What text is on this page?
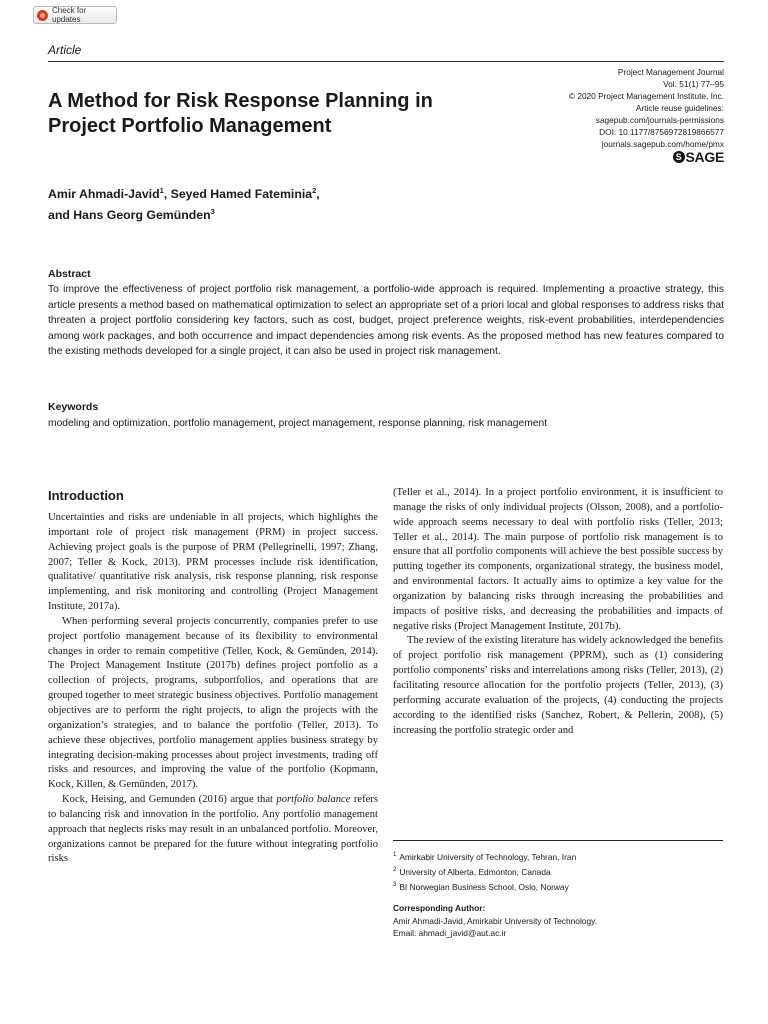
Check for updates
Article
A Method for Risk Response Planning in Project Portfolio Management
Project Management Journal
Vol. 51(1) 77–95
© 2020 Project Management Institute, Inc.
Article reuse guidelines:
sagepub.com/journals-permissions
DOI: 10.1177/8756972819866577
journals.sagepub.com/home/pmx
S SAGE
Amir Ahmadi-Javid$^1$, Seyed Hamed Fateminia$^2$,
and Hans Georg Gemünden$^3$
Abstract

To improve the effectiveness of project portfolio risk management, a portfolio-wide approach is required. Implementing a proactive strategy, this article presents a method based on mathematical optimization to select an appropriate set of a priori local and global responses to address risks that threaten a project portfolio considering key factors, such as cost, budget, project preference weights, risk-event probabilities, interdependencies among work packages, and both occurrence and impact dependencies among risk events. As the proposed method has new features compared to the existing methods developed for a single project, it can also be used in project risk management.

Keywords
modeling and optimization, portfolio management, project management, response planning, risk management
Introduction

Uncertainties and risks are undeniable in all projects, which highlights the important role of project risk management (PRM) in project success. Achieving project goals is the purpose of PRM (Pellegrinelli, 1997; Zhang, 2007; Teller & Kock, 2013). PRM processes include risk identification, qualitative/ quantitative risk analysis, risk response planning, risk response implementing, and risk monitoring and controlling (Project Management Institute, 2017a).

When performing several projects concurrently, companies prefer to use project portfolio management because of its flexibility to environmental changes in order to remain competitive (Teller, Kock, & Gemünden, 2014). The Project Management Institute (2017b) defines project portfolio as a collection of projects, programs, subportfolios, and operations that are grouped together to meet strategic business objectives. Portfolio management objectives are to perform the right projects, to align the projects with the organization’s strategies, and to balance the portfolio (Teller, 2013). To achieve these objectives, portfolio management applies business strategy by integrating decision-making processes about project investments, trading off risks and resources, and improving the value of the portfolio (Kopmann, Kock, Killen, & Gemünden, 2017).

Kock, Heising, and Gemunden (2016) argue that portfolio balance refers to balancing risk and innovation in the portfolio. Any portfolio management approach that neglects risks may result in an unbalanced portfolio. Moreover, organizations cannot be prepared for the future without integrating portfolio risks

(Teller et al., 2014). In a project portfolio environment, it is insufficient to manage the risks of only individual projects (Olsson, 2008), and a portfolio-wide approach seems necessary to deal with portfolio risks (Teller, 2013; Teller et al., 2014). The main purpose of portfolio risk management is to ensure that all portfolio components will achieve the best possible success by putting together its components, organizational strategy, the business model, and environmental factors. It actually aims to optimize a key value for the organization by balancing risks through increasing the probabilities and impacts of positive risks, and decreasing the probabilities and impacts of negative risks (Project Management Institute, 2017b).

The review of the existing literature has widely acknowledged the benefits of project portfolio risk management (PPRM), such as (1) considering portfolio components’ risks and interrelations among risks (Teller, 2013), (2) facilitating resource allocation for the portfolio projects (Teller, 2013), (3) performing accurate evaluation of the projects, (4) conducting the projects according to the identified risks (Sanchez, Robert, & Pellerin, 2008), (5) increasing the portfolio strategic order and

$^1$ Amirkabir University of Technology, Tehran, Iran
$^2$ University of Alberta, Edmonton, Canada
$^3$ BI Norwegian Business School, Oslo, Norway
Corresponding Author:
Amir Ahmadi-Javid, Amirkabir University of Technology.
Email: ahmadi_javid@aut.ac.ir
